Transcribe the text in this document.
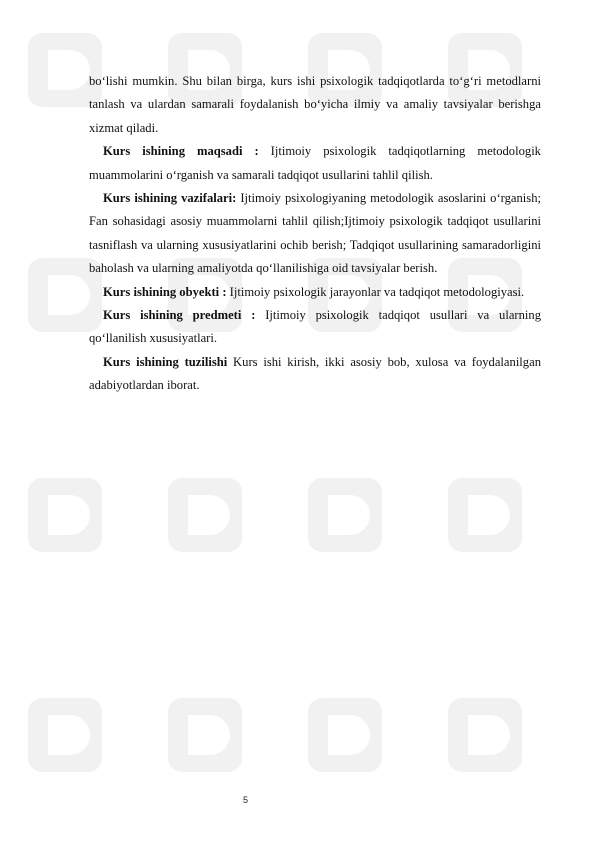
bo‘lishi mumkin. Shu bilan birga, kurs ishi psixologik tadqiqotlarda to‘g‘ri metodlarni tanlash va ulardan samarali foydalanish bo‘yicha ilmiy va amaliy tavsiyalar berishga xizmat qiladi.

Kurs ishining maqsadi : Ijtimoiy psixologik tadqiqotlarning metodologik muammolarini o‘rganish va samarali tadqiqot usullarini tahlil qilish.

Kurs ishining vazifalari: Ijtimoiy psixologiyaning metodologik asoslarini o‘rganish; Fan sohasidagi asosiy muammolarni tahlil qilish;Ijtimoiy psixologik tadqiqot usullarini tasniflash va ularning xususiyatlarini ochib berish; Tadqiqot usullarining samaradorligini baholash va ularning amaliyotda qo‘llanilishiga oid tavsiyalar berish.

Kurs ishining obyekti : Ijtimoiy psixologik jarayonlar va tadqiqot metodologiyasi.

Kurs ishining predmeti : Ijtimoiy psixologik tadqiqot usullari va ularning qo‘llanilish xususiyatlari.

Kurs ishining tuzilishi Kurs ishi kirish, ikki asosiy bob, xulosa va foydalanilgan adabiyotlardan iborat.

5
